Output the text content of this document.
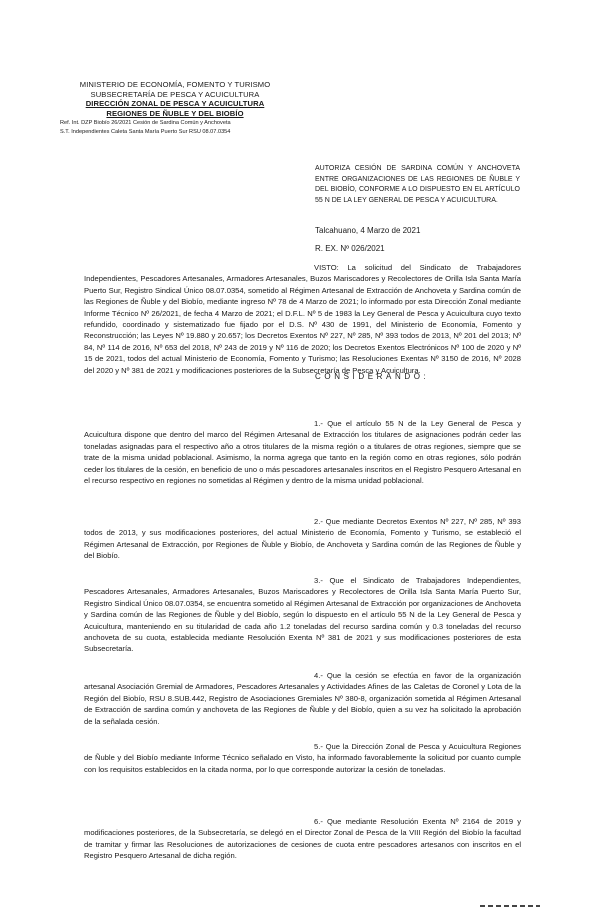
MINISTERIO DE ECONOMÍA, FOMENTO Y TURISMO
SUBSECRETARÍA DE PESCA Y ACUICULTURA
DIRECCIÓN ZONAL DE PESCA Y ACUICULTURA
REGIONES DE ÑUBLE Y DEL BIOBÍO
Ref. Int. DZP Biobío 26/2021 Cesión de Sardina Común y Anchoveta
S.T. Independientes Caleta Santa María Puerto Sur RSU 08.07.0354
AUTORIZA CESIÓN DE SARDINA COMÚN Y ANCHOVETA ENTRE ORGANIZACIONES DE LAS REGIONES DE ÑUBLE Y DEL BIOBÍO, CONFORME A LO DISPUESTO EN EL ARTÍCULO 55 N DE LA LEY GENERAL DE PESCA Y ACUICULTURA.
Talcahuano, 4 Marzo de 2021
R. EX. Nº 026/2021
VISTO: La solicitud del Sindicato de Trabajadores Independientes, Pescadores Artesanales, Armadores Artesanales, Buzos Mariscadores y Recolectores de Orilla Isla Santa María Puerto Sur, Registro Sindical Único 08.07.0354, sometido al Régimen Artesanal de Extracción de Anchoveta y Sardina común de las Regiones de Ñuble y del Biobío, mediante ingreso Nº 78 de 4 Marzo de 2021; lo informado por esta Dirección Zonal mediante Informe Técnico Nº 26/2021, de fecha 4 Marzo de 2021; el D.F.L. Nº 5 de 1983 la Ley General de Pesca y Acuicultura cuyo texto refundido, coordinado y sistematizado fue fijado por el D.S. Nº 430 de 1991, del Ministerio de Economía, Fomento y Reconstrucción; las Leyes Nº 19.880 y 20.657; los Decretos Exentos Nº 227, Nº 285, Nº 393 todos de 2013, Nº 201 del 2013; Nº 84, Nº 114 de 2016, Nº 653 del 2018, Nº 243 de 2019 y Nº 116 de 2020; los Decretos Exentos Electrónicos Nº 100 de 2020 y Nº 15 de 2021, todos del actual Ministerio de Economía, Fomento y Turismo; las Resoluciones Exentas Nº 3150 de 2016, Nº 2028 del 2020 y Nº 381 de 2021 y modificaciones posteriores de la Subsecretaría de Pesca y Acuicultura.
CONSIDERANDO:
1.- Que el artículo 55 N de la Ley General de Pesca y Acuicultura dispone que dentro del marco del Régimen Artesanal de Extracción los titulares de asignaciones podrán ceder las toneladas asignadas para el respectivo año a otros titulares de la misma región o a titulares de otras regiones, siempre que se trate de la misma unidad poblacional. Asimismo, la norma agrega que tanto en la región como en otras regiones, sólo podrán ceder los titulares de la cesión, en beneficio de uno o más pescadores artesanales inscritos en el Registro Pesquero Artesanal en el recurso respectivo en regiones no sometidas al Régimen y dentro de la misma unidad poblacional.
2.- Que mediante Decretos Exentos Nº 227, Nº 285, Nº 393 todos de 2013, y sus modificaciones posteriores, del actual Ministerio de Economía, Fomento y Turismo, se estableció el Régimen Artesanal de Extracción, por Regiones de Ñuble y Biobío, de Anchoveta y Sardina común de las Regiones de Ñuble y del Biobío.
3.- Que el Sindicato de Trabajadores Independientes, Pescadores Artesanales, Armadores Artesanales, Buzos Mariscadores y Recolectores de Orilla Isla Santa María Puerto Sur, Registro Sindical Único 08.07.0354, se encuentra sometido al Régimen Artesanal de Extracción por organizaciones de Anchoveta y Sardina común de las Regiones de Ñuble y del Biobío, según lo dispuesto en el artículo 55 N de la Ley General de Pesca y Acuicultura, manteniendo en su titularidad de cada año 1.2 toneladas del recurso sardina común y 0.3 toneladas del recurso anchoveta de su cuota, establecida mediante Resolución Exenta Nº 381 de 2021 y sus modificaciones posteriores de esta Subsecretaría.
4.- Que la cesión se efectúa en favor de la organización artesanal Asociación Gremial de Armadores, Pescadores Artesanales y Actividades Afines de las Caletas de Coronel y Lota de la Región del Biobío, RSU 8.SUB.442, Registro de Asociaciones Gremiales Nº 380-8, organización sometida al Régimen Artesanal de Extracción de sardina común y anchoveta de las Regiones de Ñuble y del Biobío, quien a su vez ha solicitado la aprobación de la señalada cesión.
5.- Que la Dirección Zonal de Pesca y Acuicultura Regiones de Ñuble y del Biobío mediante Informe Técnico señalado en Visto, ha informado favorablemente la solicitud por cuanto cumple con los requisitos establecidos en la citada norma, por lo que corresponde autorizar la cesión de toneladas.
6.- Que mediante Resolución Exenta Nº 2164 de 2019 y modificaciones posteriores, de la Subsecretaría, se delegó en el Director Zonal de Pesca de la VIII Región del Biobío la facultad de tramitar y firmar las Resoluciones de autorizaciones de cesiones de cuota entre pescadores artesanos con inscritos en el Registro Pesquero Artesanal de dicha región.
